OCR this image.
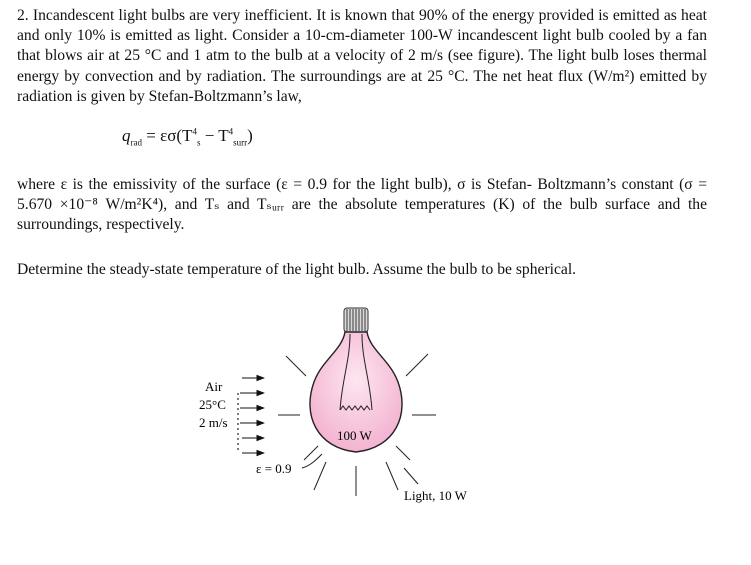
2. Incandescent light bulbs are very inefficient. It is known that 90% of the energy provided is emitted as heat and only 10% is emitted as light. Consider a 10-cm-diameter 100-W incandescent light bulb cooled by a fan that blows air at 25 °C and 1 atm to the bulb at a velocity of 2 m/s (see figure). The light bulb loses thermal energy by convection and by radiation. The surroundings are at 25 °C. The net heat flux (W/m²) emitted by radiation is given by Stefan-Boltzmann’s law,

$q_{rad} = \varepsilon\sigma(T^4_s - T^4_{surr})$

where ε is the emissivity of the surface (ε = 0.9 for the light bulb), σ is Stefan- Boltzmann’s constant (σ = 5.670 ×10⁻⁸ W/m²K⁴), and Tₛ and Tₛᵤᵣᵣ are the absolute temperatures (K) of the bulb surface and the surroundings, respectively.

Determine the steady-state temperature of the light bulb. Assume the bulb to be spherical.

Air
25°C
2 m/s
100 W
ε = 0.9
Light, 10 W
